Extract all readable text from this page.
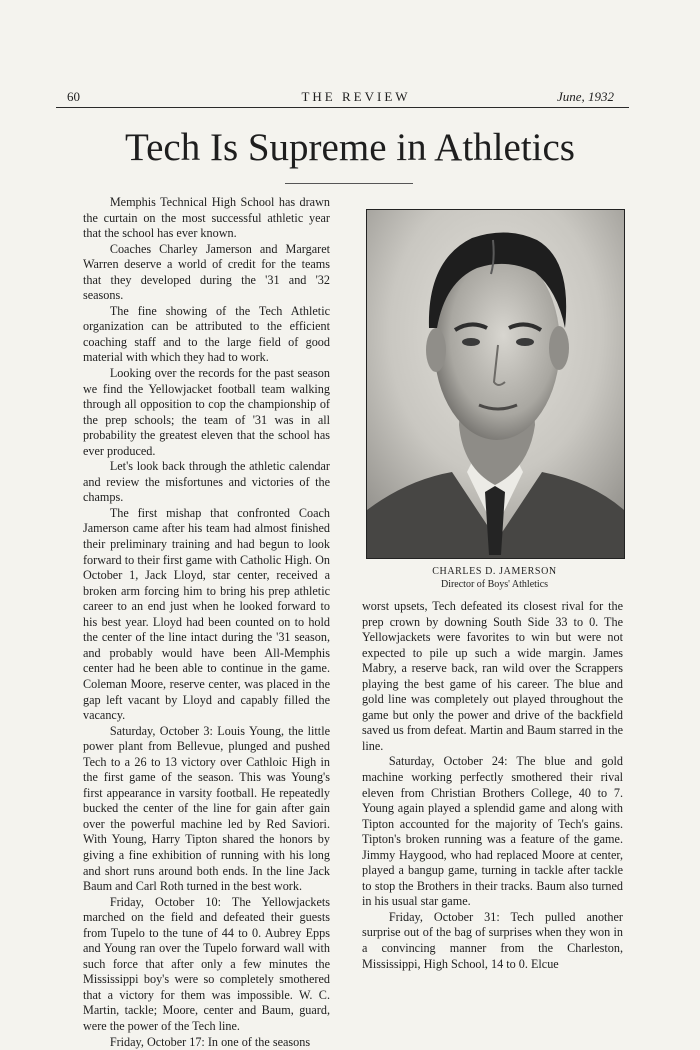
60	THE REVIEW	June, 1932
Tech Is Supreme in Athletics

Memphis Technical High School has drawn the curtain on the most successful athletic year that the school has ever known.

Coaches Charley Jamerson and Margaret Warren deserve a world of credit for the teams that they developed during the '31 and '32 seasons.

The fine showing of the Tech Athletic organization can be attributed to the efficient coaching staff and to the large field of good material with which they had to work.

Looking over the records for the past season we find the Yellowjacket football team walking through all opposition to cop the championship of the prep schools; the team of '31 was in all probability the greatest eleven that the school has ever produced.

Let's look back through the athletic calendar and review the misfortunes and victories of the champs.

The first mishap that confronted Coach Jamerson came after his team had almost finished their preliminary training and had begun to look forward to their first game with Catholic High. On October 1, Jack Lloyd, star center, received a broken arm forcing him to bring his prep athletic career to an end just when he looked forward to his best year. Lloyd had been counted on to hold the center of the line intact during the '31 season, and probably would have been All-Memphis center had he been able to continue in the game. Coleman Moore, reserve center, was placed in the gap left vacant by Lloyd and capably filled the vacancy.

Saturday, October 3: Louis Young, the little power plant from Bellevue, plunged and pushed Tech to a 26 to 13 victory over Cathloic High in the first game of the season. This was Young's first appearance in varsity football. He repeatedly bucked the center of the line for gain after gain over the powerful machine led by Red Saviori. With Young, Harry Tipton shared the honors by giving a fine exhibition of running with his long and short runs around both ends. In the line Jack Baum and Carl Roth turned in the best work.

Friday, October 10: The Yellowjackets marched on the field and defeated their guests from Tupelo to the tune of 44 to 0. Aubrey Epps and Young ran over the Tupelo forward wall with such force that after only a few minutes the Mississippi boy's were so completely smothered that a victory for them was impossible. W. C. Martin, tackle; Moore, center and Baum, guard, were the power of the Tech line.

Friday, October 17: In one of the seasons

CHARLES D. JAMERSON
Director of Boys' Athletics

worst upsets, Tech defeated its closest rival for the prep crown by downing South Side 33 to 0. The Yellowjackets were favorites to win but were not expected to pile up such a wide margin. James Mabry, a reserve back, ran wild over the Scrappers playing the best game of his career. The blue and gold line was completely out played throughout the game but only the power and drive of the backfield saved us from defeat. Martin and Baum starred in the line.

Saturday, October 24: The blue and gold machine working perfectly smothered their rival eleven from Christian Brothers College, 40 to 7. Young again played a splendid game and along with Tipton accounted for the majority of Tech's gains. Tipton's broken running was a feature of the game. Jimmy Haygood, who had replaced Moore at center, played a bangup game, turning in tackle after tackle to stop the Brothers in their tracks. Baum also turned in his usual star game.

Friday, October 31: Tech pulled another surprise out of the bag of surprises when they won in a convincing manner from the Charleston, Mississippi, High School, 14 to 0. Elcue
